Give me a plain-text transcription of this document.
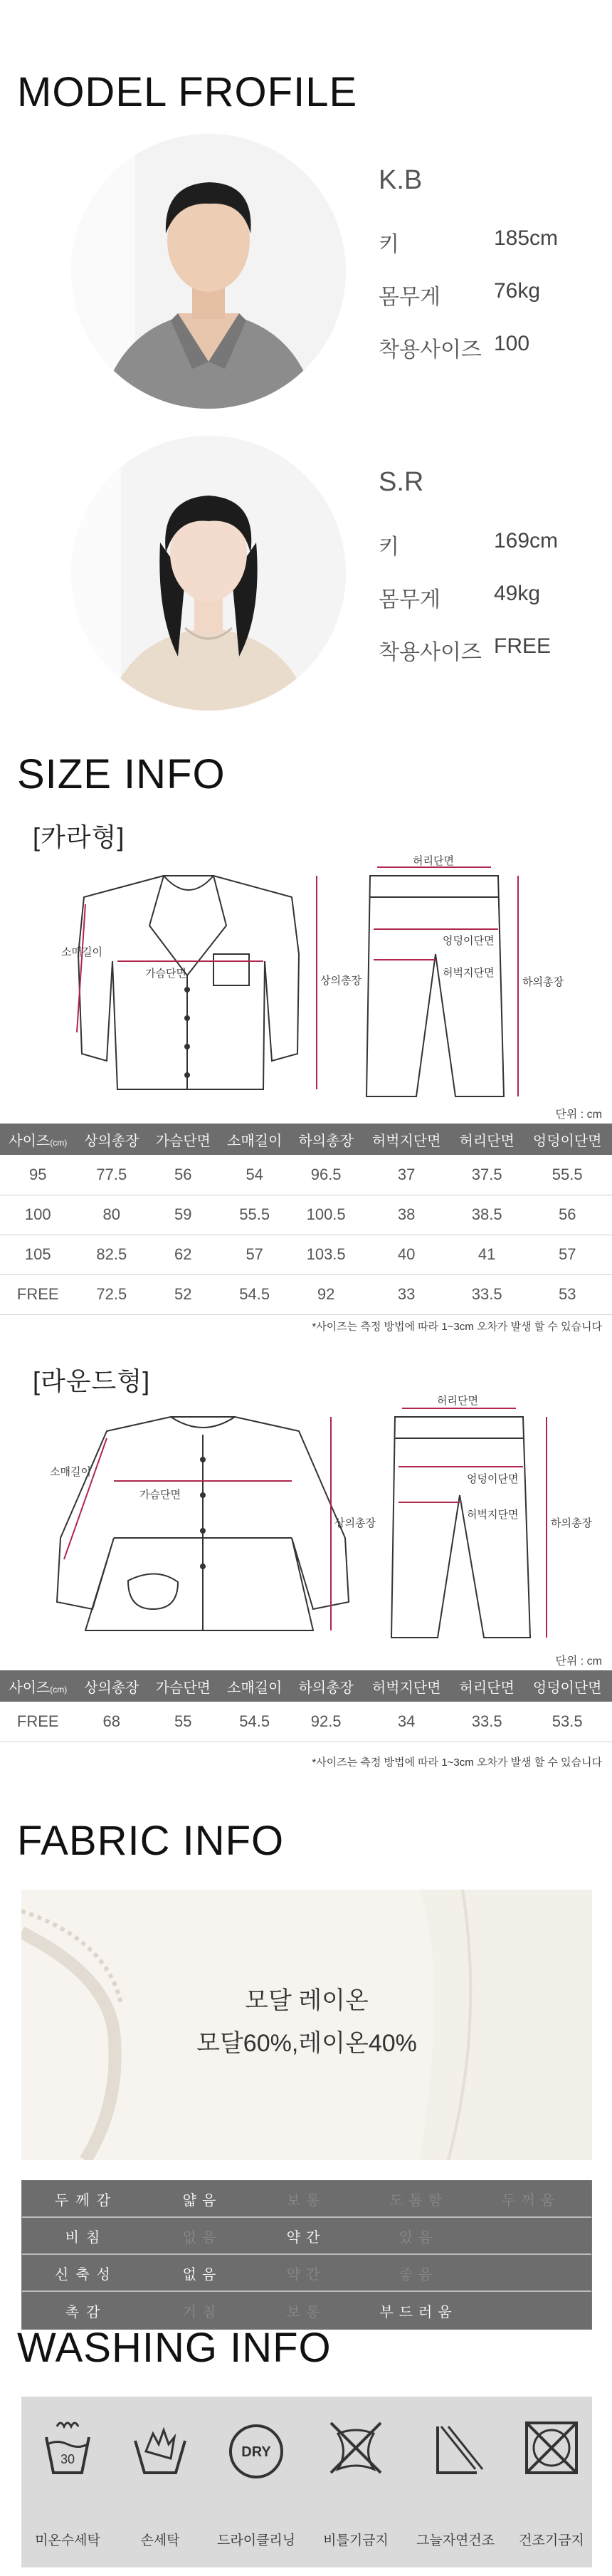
MODEL FROFILE
K.B
키	185cm
몸무게	76kg
착용사이즈 100
S.R
키	169cm
몸무게	49kg
착용사이즈 FREE
SIZE INFO
[카라형]
소매길이
가슴단면
상의총장
허리단면
엉덩이단면
허벅지단면
하의총장
단위 : cm
사이즈(cm)	상의총장	가슴단면	소매길이	하의총장	허벅지단면	허리단면	엉덩이단면
95	77.5	56	54	96.5	37	37.5	55.5
100	80	59	55.5	100.5	38	38.5	56
105	82.5	62	57	103.5	40	41	57
FREE	72.5	52	54.5	92	33	33.5	53
*사이즈는 측정 방법에 따라 1~3cm 오차가 발생 할 수 있습니다
[라운드형]
소매길이
가슴단면
상의총장
허리단면
엉덩이단면
허벅지단면
하의총장
단위 : cm
사이즈(cm)	상의총장	가슴단면	소매길이	하의총장	허벅지단면	허리단면	엉덩이단면
FREE	68	55	54.5	92.5	34	33.5	53.5
*사이즈는 측정 방법에 따라 1~3cm 오차가 발생 할 수 있습니다
FABRIC INFO
모달 레이온
모달60%,레이온40%
두께감	얇음	보통	도톰함	두꺼움
비침	없음	약간	있음
신축성	없음	약간	좋음
촉감	거침	보통	부드러움
WASHING INFO
30
미온수세탁	손세탁
DRY
드라이클리닝	비틀기금지	그늘자연건조	건조기금지
